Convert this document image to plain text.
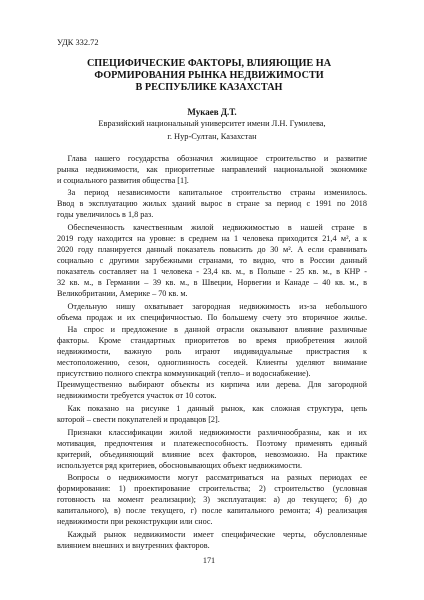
УДК 332.72
СПЕЦИФИЧЕСКИЕ ФАКТОРЫ, ВЛИЯЮЩИЕ НА
ФОРМИРОВАНИЯ РЫНКА НЕДВИЖИМОСТИ
В РЕСПУБЛИКЕ КАЗАХСТАН
Мукаев Д.Т.
Евразийский национальный университет имени Л.Н. Гумилева,
г. Нур-Султан, Казахстан
Глава нашего государства обозначил жилищное строительство и развитие
рынка недвижимости, как приоритетные направлений национальной экономике
и социального развития общества [1].
За период независимости капитальное строительство страны изменилось.
Ввод в эксплуатацию жилых зданий вырос в стране за период с 1991 по 2018
годы увеличилось в 1,8 раз.
Обеспеченность качественным жилой недвижимостью в нашей стране в
2019 году находится на уровне: в среднем на 1 человека приходится 21,4 м², а к
2020 году планируется данный показатель повысить до 30 м². А если сравнивать
социально с другими зарубежными странами, то видно, что в России данный
показатель составляет на 1 человека - 23,4 кв. м., в Польше - 25 кв. м., в КНР -
32 кв. м., в Германии – 39 кв. м., в Швеции, Норвегии и Канаде – 40 кв. м., в
Великобритании, Америке – 70 кв. м.
Отдельную нишу охватывает загородная недвижимость из-за небольшого
объема продаж и их специфичностью. По большему счету это вторичное жилье.
На спрос и предложение в данной отрасли оказывают влияние различные
факторы. Кроме стандартных приоритетов во время приобретения жилой
недвижимости, важную роль играют индивидуальные пристрастия к
местоположению, сезон, одноглинность соседей. Клиенты уделяют внимание
присутствию полного спектра коммуникаций (тепло– и водоснабжение).
Преимущественно выбирают объекты из кирпича или дерева. Для загородной
недвижимости требуется участок от 10 соток.
Как показано на рисунке 1 данный рынок, как сложная структура, цепь
которой – свести покупателей и продавцов [2].
Признаки классификации жилой недвижимости различнообразны, как и их
мотивация, предпочтения и платежеспособность. Поэтому применять единый
критерий, объединяющий влияние всех факторов, невозможно. На практике
используется ряд критериев, обосновывающих объект недвижимости.
Вопросы о недвижимости могут рассматриваться на разных периодах ее
формирования: 1) проектирование строительства; 2) строительство (условная
готовность на момент реализации); 3) эксплуатация: а) до текущего; б) до
капитального), в) после текущего, г) после капитального ремонта; 4) реализация
недвижимости при реконструкции или снос.
Каждый рынок недвижимости имеет специфические черты, обусловленные
влиянием внешних и внутренних факторов.
171
